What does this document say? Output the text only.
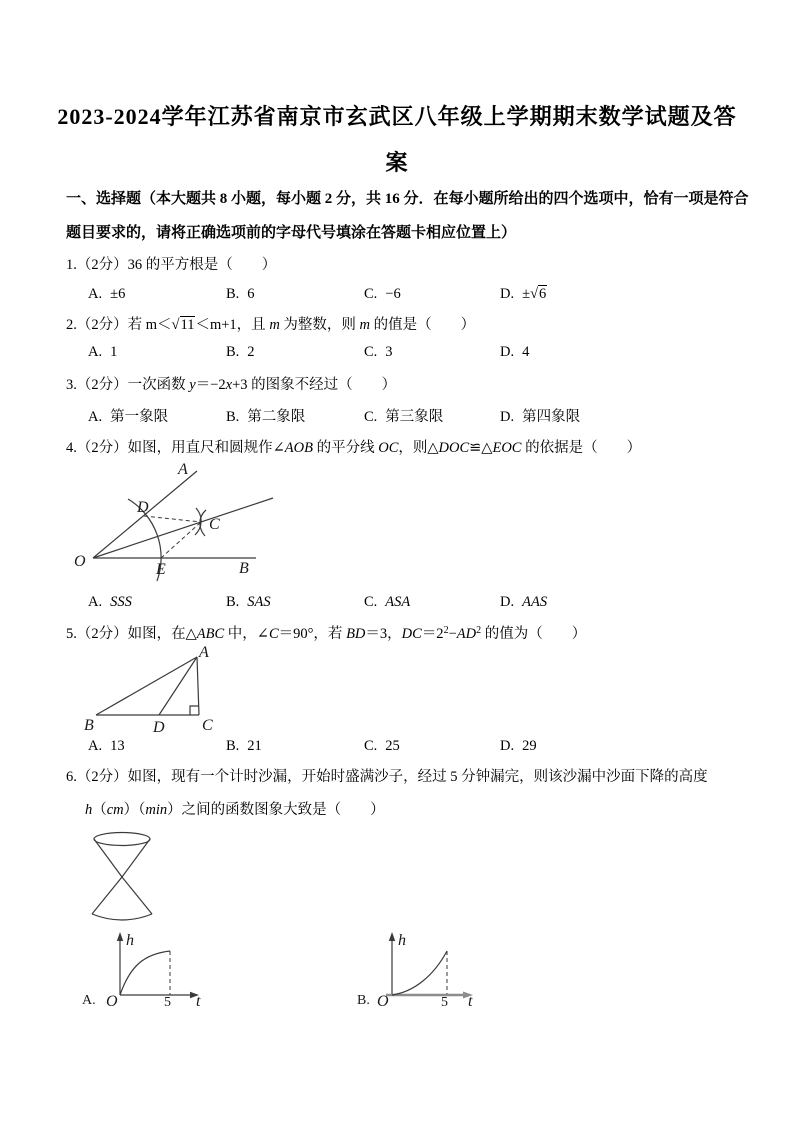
2023-2024学年江苏省南京市玄武区八年级上学期期末数学试题及答
案
一、选择题（本大题共 8 小题，每小题 2 分，共 16 分．在每小题所给出的四个选项中，恰有一项是符合
题目要求的，请将正确选项前的字母代号填涂在答题卡相应位置上）
1.（2分）36 的平方根是（　　）
A. ±6	B. 6	C. −6	D. ±√6
2.（2分）若 m＜√11＜m+1，且 m 为整数，则 m 的值是（　　）
A. 1	B. 2	C. 3	D. 4
3.（2分）一次函数 y＝−2x+3 的图象不经过（　　）
A. 第一象限	B. 第二象限	C. 第三象限	D. 第四象限
4.（2分）如图，用直尺和圆规作∠AOB 的平分线 OC，则△DOC≌△EOC 的依据是（　　）
A
D
C
O	E	B
A. SSS	B. SAS	C. ASA	D. AAS
5.（2分）如图，在△ABC 中，∠C＝90°，若 BD＝3，$DC=2^2-AD^2$ 的值为（　　）
A
B	D C
A. 13	B. 21	C. 25	D. 29
6.（2分）如图，现有一个计时沙漏，开始时盛满沙子，经过 5 分钟漏完，则该沙漏中沙面下降的高度
h（cm）（min）之间的函数图象大致是（　　）
A.
h
O	5 t	B.
h
O	5 t
